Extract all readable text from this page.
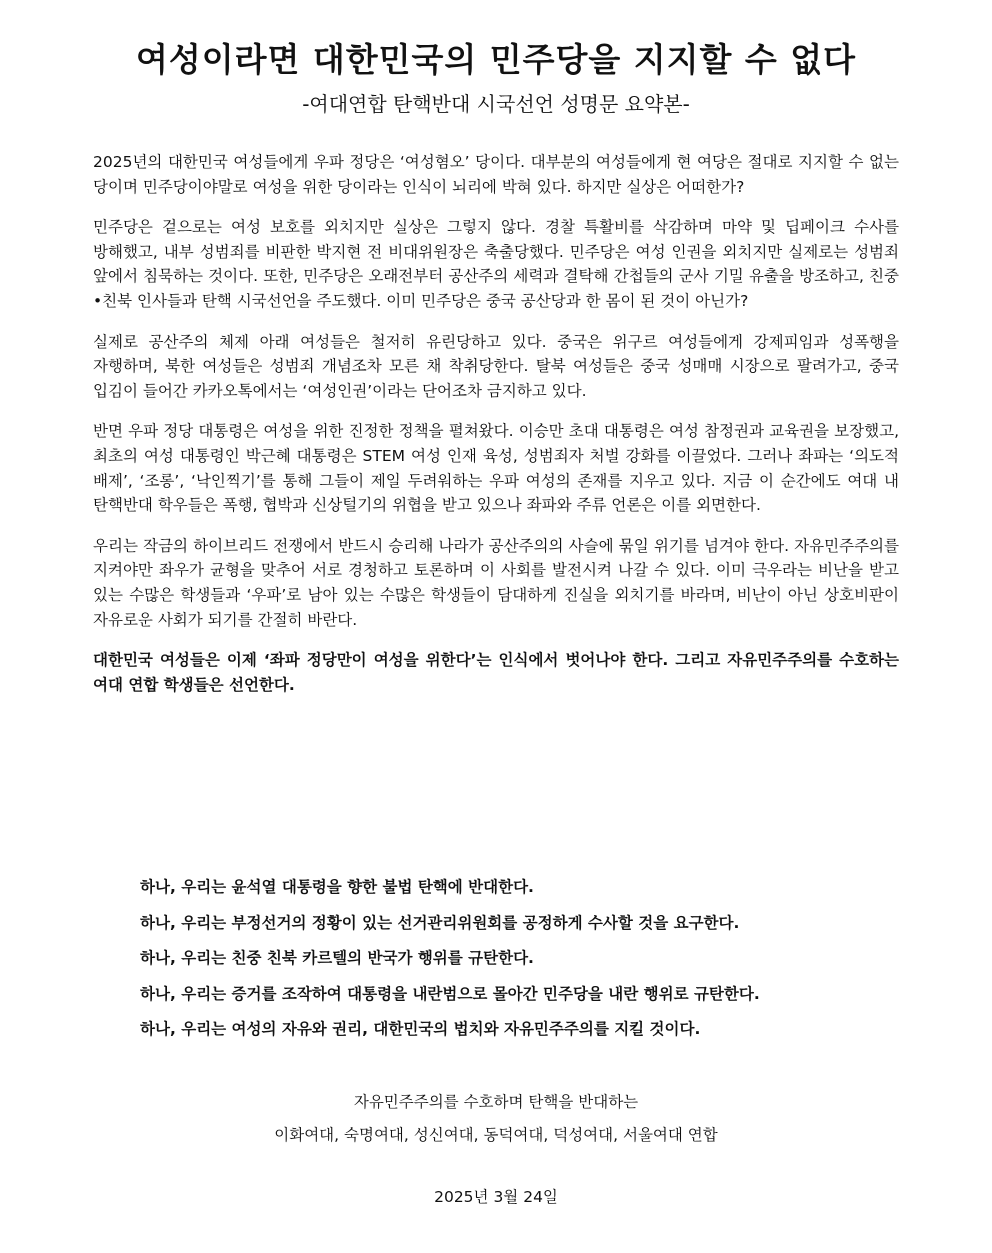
여성이라면 대한민국의 민주당을 지지할 수 없다
-여대연합 탄핵반대 시국선언 성명문 요약본-

2025년의 대한민국 여성들에게 우파 정당은 ‘여성혐오’ 당이다. 대부분의 여성들에게 현 여당은 절대로 지지할 수 없는 당이며 민주당이야말로 여성을 위한 당이라는 인식이 뇌리에 박혀 있다. 하지만 실상은 어떠한가?

민주당은 겉으로는 여성 보호를 외치지만 실상은 그렇지 않다. 경찰 특활비를 삭감하며 마약 및 딥페이크 수사를 방해했고, 내부 성범죄를 비판한 박지현 전 비대위원장은 축출당했다. 민주당은 여성 인권을 외치지만 실제로는 성범죄 앞에서 침묵하는 것이다. 또한, 민주당은 오래전부터 공산주의 세력과 결탁해 간첩들의 군사 기밀 유출을 방조하고, 친중•친북 인사들과 탄핵 시국선언을 주도했다. 이미 민주당은 중국 공산당과 한 몸이 된 것이 아닌가?

실제로 공산주의 체제 아래 여성들은 철저히 유린당하고 있다. 중국은 위구르 여성들에게 강제피임과 성폭행을 자행하며, 북한 여성들은 성범죄 개념조차 모른 채 착취당한다. 탈북 여성들은 중국 성매매 시장으로 팔려가고, 중국 입김이 들어간 카카오톡에서는 ‘여성인권’이라는 단어조차 금지하고 있다.

반면 우파 정당 대통령은 여성을 위한 진정한 정책을 펼쳐왔다. 이승만 초대 대통령은 여성 참정권과 교육권을 보장했고, 최초의 여성 대통령인 박근혜 대통령은 STEM 여성 인재 육성, 성범죄자 처벌 강화를 이끌었다. 그러나 좌파는 ‘의도적 배제’, ‘조롱’, ‘낙인찍기’를 통해 그들이 제일 두려워하는 우파 여성의 존재를 지우고 있다. 지금 이 순간에도 여대 내 탄핵반대 학우들은 폭행, 협박과 신상털기의 위협을 받고 있으나 좌파와 주류 언론은 이를 외면한다.

우리는 작금의 하이브리드 전쟁에서 반드시 승리해 나라가 공산주의의 사슬에 묶일 위기를 넘겨야 한다. 자유민주주의를 지켜야만 좌우가 균형을 맞추어 서로 경청하고 토론하며 이 사회를 발전시켜 나갈 수 있다. 이미 극우라는 비난을 받고 있는 수많은 학생들과 ‘우파’로 남아 있는 수많은 학생들이 담대하게 진실을 외치기를 바라며, 비난이 아닌 상호비판이 자유로운 사회가 되기를 간절히 바란다.

대한민국 여성들은 이제 ‘좌파 정당만이 여성을 위한다’는 인식에서 벗어나야 한다. 그리고 자유민주주의를 수호하는 여대 연합 학생들은 선언한다.

하나, 우리는 윤석열 대통령을 향한 불법 탄핵에 반대한다.
하나, 우리는 부정선거의 정황이 있는 선거관리위원회를 공정하게 수사할 것을 요구한다.
하나, 우리는 친중 친북 카르텔의 반국가 행위를 규탄한다.
하나, 우리는 증거를 조작하여 대통령을 내란범으로 몰아간 민주당을 내란 행위로 규탄한다.
하나, 우리는 여성의 자유와 권리, 대한민국의 법치와 자유민주주의를 지킬 것이다.
자유민주주의를 수호하며 탄핵을 반대하는
이화여대, 숙명여대, 성신여대, 동덕여대, 덕성여대, 서울여대 연합
2025년 3월 24일
